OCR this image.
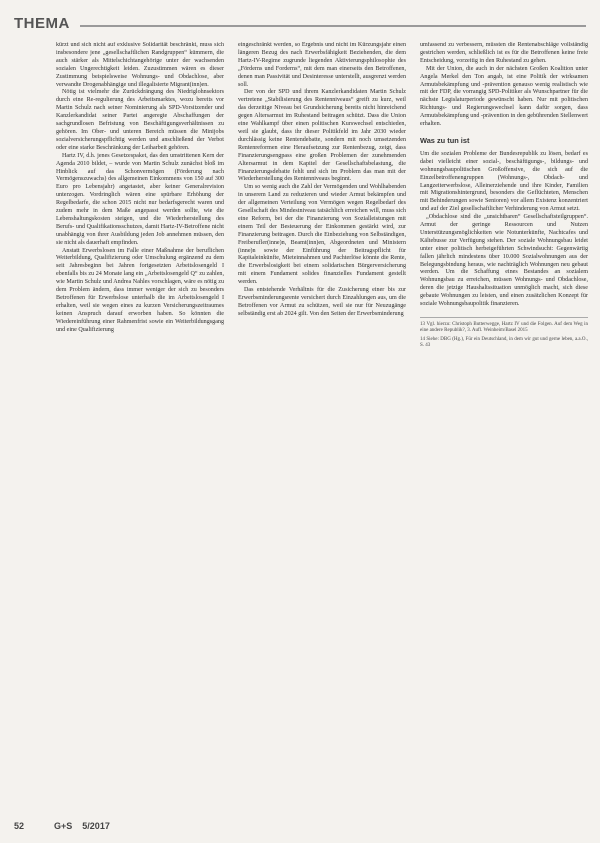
THEMA

kürzt und sich nicht auf exklusive Solidarität beschränkt, muss sich insbesondere jene „gesellschaftlichen Randgruppen“ kümmern, die auch stärker als Mittelschichtangehörige unter der wachsenden sozialen Ungerechtigkeit leiden. Zuzustimmen wären es dieser Zustimmung beispielsweise Wohnungs- und Obdachlose, aber verwandte Drogenabhängige und illegalisierte Migrant(inn)en.

Nötig ist vielmehr die Zurückdrängung des Niedriglohnsektors durch eine Re-regulierung des Arbeitsmarktes, wozu bereits vor Martin Schulz nach seiner Nominierung als SPD-Vorsitzender und Kanzlerkandidat seiner Partei angeregte Abschaffungen der sachgrundlosen Befristung von Beschäftigungsverhältnissen zu gehören. Im Ober- und unteren Bereich müssen die Minijobs sozialversicherungspflichtig werden und anschließend der Verbot oder eine starke Beschränkung der Leiharbeit gehören.

Hartz IV, d.h. jenes Gesetzespaket, das den umstrittenen Kern der Agenda 2010 bildet, – wurde von Martin Schulz zunächst bloß im Hinblick auf das Schonvermögen (Förderung nach Vermögenszuwachs) des allgemeinen Einkommens von 150 auf 300 Euro pro Lebensjahr) angetastet, aber keiner Generalrevision unterzogen. Vordringlich wären eine spürbare Erhöhung der Regelbedarfe, die schon 2015 nicht nur bedarfsgerecht waren und zudem mehr in dem Maße angepasst werden sollte, wie die Lebenshaltungskosten steigen, und die Wiederherstellung des Berufs- und Qualifikationsschutzes, damit Hartz-IV-Betroffene nicht unabhängig von ihrer Ausbildung jeden Job annehmen müssen, den sie nicht als dauerhaft empfinden.

Anstatt Erwerbslosen im Falle einer Maßnahme der beruflichen Weiterbildung, Qualifizierung oder Umschulung ergänzend zu dem seit Jahresbeginn bei Jahren fortgesetzten Arbeitslosengeld I ebenfalls bis zu 24 Monate lang ein „Arbeitslosengeld Q“ zu zahlen, wie Martin Schulz und Andrea Nahles vorschlagen, wäre es nötig zu dem Problem ändern, dass immer weniger der sich zu besonders Betroffenen für Erwerbslose unterhalb die im Arbeitslosengeld I erhalten, weil sie wegen eines zu kurzen Versicherungszeitraumes keinen Anspruch darauf erworben haben. So könnten die Wiedereinführung einer Rahmenfrist sowie ein Weiterbildungsgang und eine Qualifizierung

eingeschränkt werden, so Ergebnis und nicht im Kürzungsjahr einen längeren Bezug des nach Erwerbsfähigkeit Beziehenden, die dem Hartz-IV-Regime zugrunde liegenden Aktivierungsphilosophie des „Förderns und Forderns“, mit dem man einerseits den Betroffenen, denen man Passivität und Desinteresse unterstellt, ausgrenzt werden soll.

Der von der SPD und ihrem Kanzlerkandidaten Martin Schulz vertretene „Stabilisierung des Rentenniveaus“ greift zu kurz, weil das derzeitige Niveau bei Grundsicherung bereits nicht hinreichend gegen Altersarmut im Ruhestand beitragen schützt. Dass die Union eine Wahlkampf über einen politischen Kurswechsel entschieden, weil sie glaubt, dass ihr dieser Politikfeld im Jahr 2030 wieder durchlässig keine Rentendebatte, sondern mit noch umsetzenden Rentenreformen eine Heraufsetzung zur Rentenbezug, zeigt, dass Finanzierungsengpass eine großen Problemen der zunehmenden Altersarmut in dem Kapitel der Gesellschaftsbelastung, die Finanzierungsdebatte fehlt und sich im Problem das man mit der Wiederherstellung des Rentenniveaus beginnt.

Um so wenig auch die Zahl der Vermögenden und Wohlhabenden in unserem Land zu reduzieren und wieder Armut bekämpfen und der allgemeinen Verteilung von Vermögen wegen Regelbedarf des Gesellschaft des Mindestniveau tatsächlich erreichen will, muss sich eine Reform, bei der die Finanzierung von Sozialleistungen mit einem Teil der Besteuerung der Einkommen gestärkt wird, zur Finanzierung beitragen. Durch die Einbeziehung von Selbständigen, Freiberufler(inne)n, Beamt(inn)en, Abgeordneten und Ministern (inne)n sowie der Einführung der Beitragspflicht für Kapitaleinkünfte, Mieteinnahmen und Pachterlöse könnte die Rente, die Erwerbslosigkeit bei einem solidarischen Bürgerversicherung mit einem Fundament solides finanzielles Fundament gestellt werden.

Das entstehende Verhältnis für die Zusicherung einer bis zur Erwerbsminderungsrente versichert durch Einzahlungen aus, um die Betroffenen vor Armut zu schützen, weil sie nur für Neuzugänge selbständig erst ab 2024 gilt. Von den Seiten der Erwerbsminderung

umfassend zu verbessern, müssten die Rentenabschläge vollständig gestrichen werden, schließlich ist es für die Betroffenen keine freie Entscheidung, vorzeitig in den Ruhestand zu gehen.

Mit der Union, die auch in der nächsten Großen Koalition unter Angela Merkel den Ton angab, ist eine Politik der wirksamen Armutsbekämpfung und -prävention genauso wenig realistisch wie mit der FDP, die vorrangig SPD-Politiker als Wunschpartner für die nächste Legislaturperiode gewünscht haben. Nur mit politischen Richtungs- und Regierungswechsel kann dafür sorgen, dass Armutsbekämpfung und -prävention in den gebührenden Stellenwert erhalten.

Was zu tun ist

Um die sozialen Probleme der Bundesrepublik zu lösen, bedarf es dabei vielleicht einer sozial-, beschäftigungs-, bildungs- und wohnungsbaupolitischen Großoffensive, die sich auf die Einzelbetroffenengruppen (Wohnungs-, Obdach- und Langzeiterwerbslose, Alleinerziehende und ihre Kinder, Familien mit Migrationshintergrund, besonders die Geflüchteten, Menschen mit Behinderungen sowie Senioren) vor allem Existenz konzentriert und auf der Ziel gesellschaftlicher Verhinderung von Armut setzt.

„Obdachlose sind die „unsichtbaren“ Gesellschaftsteilgruppen“. Armut der geringe Ressourcen und Nutzen Unterstützungsmöglichkeiten wie Notunterkünfte, Nachtcafes und Kältebusse zur Verfügung stehen. Der soziale Wohnungsbau leidet unter einer politisch herbeigeführten Schwindsucht: Gegenwärtig fallen jährlich mindestens über 10.000 Sozialwohnungen aus der Belegungsbindung heraus, wie nachträglich Wohnungen neu gebaut werden. Um die Schaffung eines Bestandes an sozialem Wohnungsbau zu erreichen, müssen Wohnungs- und Obdachlose, deren die jetzige Haushaltssituation unmöglich macht, sich diese gebaute Wohnungen zu leisten, und einen zusätzlichen Konzept für soziale Wohnungsbaupolitik finanzieren.

13 Vgl. hierzu: Christoph Butterwegge, Hartz IV und die Folgen. Auf dem Weg in eine andere Republik?, 3. Aufl. Weinheim/Basel 2015
14 Siehe: DBG (Hg.), Für ein Deutschland, in dem wir gut und gerne leben, a.a.O., S. 43
52	G+S 5/2017
